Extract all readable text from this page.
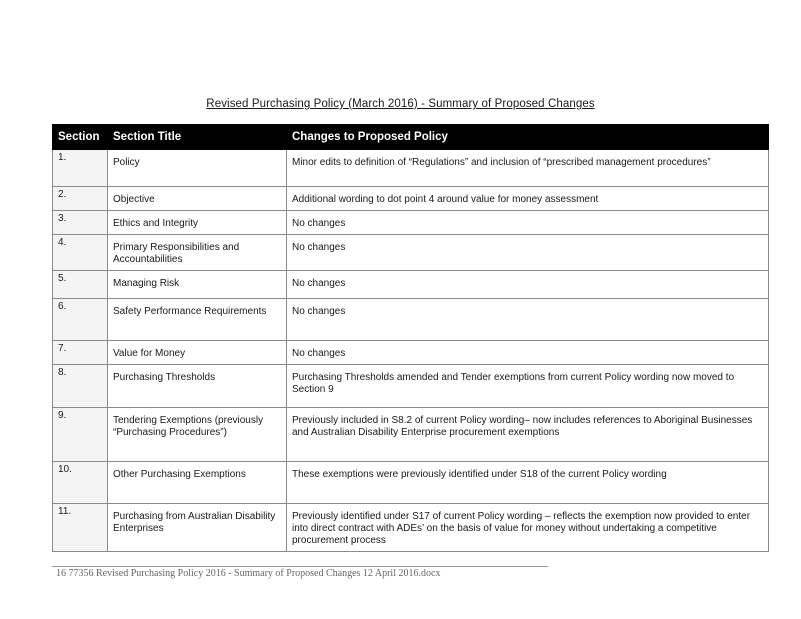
Revised Purchasing Policy (March 2016) - Summary of Proposed Changes
Section	Section Title	Changes to Proposed Policy
1.	Policy	Minor edits to definition of “Regulations” and inclusion of “prescribed management procedures”
2.	Objective	Additional wording to dot point 4 around value for money assessment
3.	Ethics and Integrity	No changes
4.	Primary Responsibilities and Accountabilities	No changes
5.	Managing Risk	No changes
6.	Safety Performance Requirements	No changes
7.	Value for Money	No changes
8.	Purchasing Thresholds	Purchasing Thresholds amended and Tender exemptions from current Policy wording now moved to Section 9
9.	Tendering Exemptions (previously “Purchasing Procedures”)	Previously included in S8.2 of current Policy wording– now includes references to Aboriginal Businesses and Australian Disability Enterprise procurement exemptions
10.	Other Purchasing Exemptions	These exemptions were previously identified under S18 of the current Policy wording
11.	Purchasing from Australian Disability Enterprises	Previously identified under S17 of current Policy wording – reflects the exemption now provided to enter into direct contract with ADEs’ on the basis of value for money without undertaking a competitive procurement process
16 77356 Revised Purchasing Policy 2016 - Summary of Proposed Changes 12 April 2016.docx
